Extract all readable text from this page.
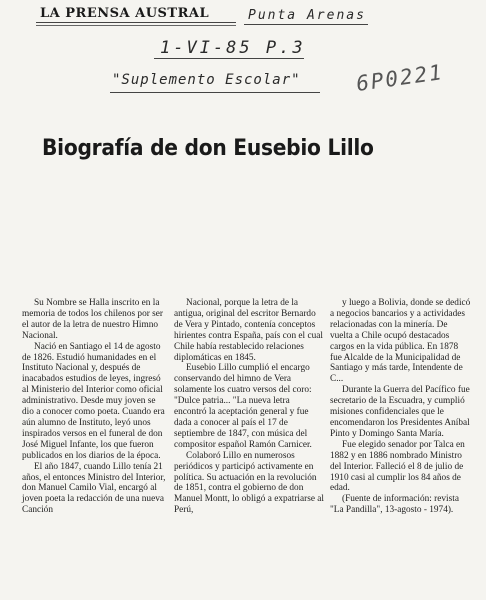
LA PRENSA AUSTRAL	Punta Arenas
1-VI-85 P.3
"Suplemento Escolar"	6P0221
Biografía de don Eusebio Lillo

Su Nombre se Halla inscrito en la memoria de todos los chilenos por ser el autor de la letra de nuestro Himno Nacional.

Nació en Santiago el 14 de agosto de 1826. Estudió humanidades en el Instituto Nacional y, después de inacabados estudios de leyes, ingresó al Ministerio del Interior como oficial administrativo. Desde muy joven se dio a conocer como poeta. Cuando era aún alumno de Instituto, leyó unos inspirados versos en el funeral de don José Miguel Infante, los que fueron publicados en los diarios de la época.

El año 1847, cuando Lillo tenía 21 años, el entonces Ministro del Interior, don Manuel Camilo Vial, encargó al joven poeta la redacción de una nueva Canción

Nacional, porque la letra de la antigua, original del escritor Bernardo de Vera y Pintado, contenía conceptos hirientes contra España, país con el cual Chile había restablecido relaciones diplomáticas en 1845.

Eusebio Lillo cumplió el encargo conservando del himno de Vera solamente los cuatro versos del coro: "Dulce patria... "La nueva letra encontró la aceptación general y fue dada a conocer al país el 17 de septiembre de 1847, con música del compositor español Ramón Carnicer.

Colaboró Lillo en numerosos periódicos y participó activamente en política. Su actuación en la revolución de 1851, contra el gobierno de don Manuel Montt, lo obligó a expatriarse al Perú,

y luego a Bolivia, donde se dedicó a negocios bancarios y a actividades relacionadas con la minería. De vuelta a Chile ocupó destacados cargos en la vida pública. En 1878 fue Alcalde de la Municipalidad de Santiago y más tarde, Intendente de C...

Durante la Guerra del Pacífico fue secretario de la Escuadra, y cumplió misiones confidenciales que le encomendaron los Presidentes Aníbal Pinto y Domingo Santa María.

Fue elegido senador por Talca en 1882 y en 1886 nombrado Ministro del Interior. Falleció el 8 de julio de 1910 casi al cumplir los 84 años de edad.

(Fuente de información: revista "La Pandilla", 13-agosto - 1974).
